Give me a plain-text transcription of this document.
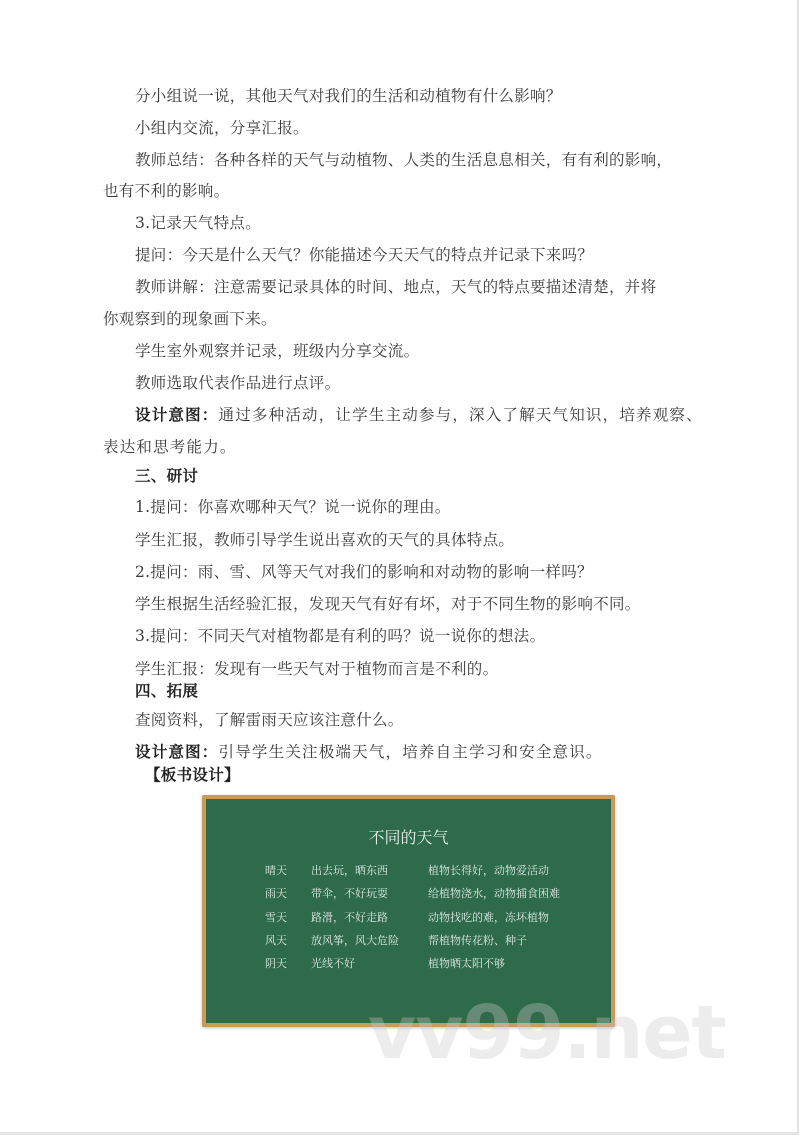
分小组说一说，其他天气对我们的生活和动植物有什么影响？
小组内交流，分享汇报。
教师总结：各种各样的天气与动植物、人类的生活息息相关，有有利的影响，
也有不利的影响。
3.记录天气特点。
提问：今天是什么天气？你能描述今天天气的特点并记录下来吗？
教师讲解：注意需要记录具体的时间、地点，天气的特点要描述清楚，并将
你观察到的现象画下来。
学生室外观察并记录，班级内分享交流。
教师选取代表作品进行点评。
设计意图：通过多种活动，让学生主动参与，深入了解天气知识，培养观察、
表达和思考能力。
三、研讨
1.提问：你喜欢哪种天气？说一说你的理由。
学生汇报，教师引导学生说出喜欢的天气的具体特点。
2.提问：雨、雪、风等天气对我们的影响和对动物的影响一样吗？
学生根据生活经验汇报，发现天气有好有坏，对于不同生物的影响不同。
3.提问：不同天气对植物都是有利的吗？说一说你的想法。
学生汇报：发现有一些天气对于植物而言是不利的。
四、拓展
查阅资料，了解雷雨天应该注意什么。
设计意图：引导学生关注极端天气，培养自主学习和安全意识。
【板书设计】
不同的天气
晴天 出去玩，晒东西	植物长得好，动物爱活动
雨天 带伞，不好玩耍	给植物浇水，动物捕食困难
雪天 路滑，不好走路	动物找吃的难，冻坏植物
风天 放风筝，风大危险	帮植物传花粉、种子
阴天 光线不好	植物晒太阳不够
vv99.net
